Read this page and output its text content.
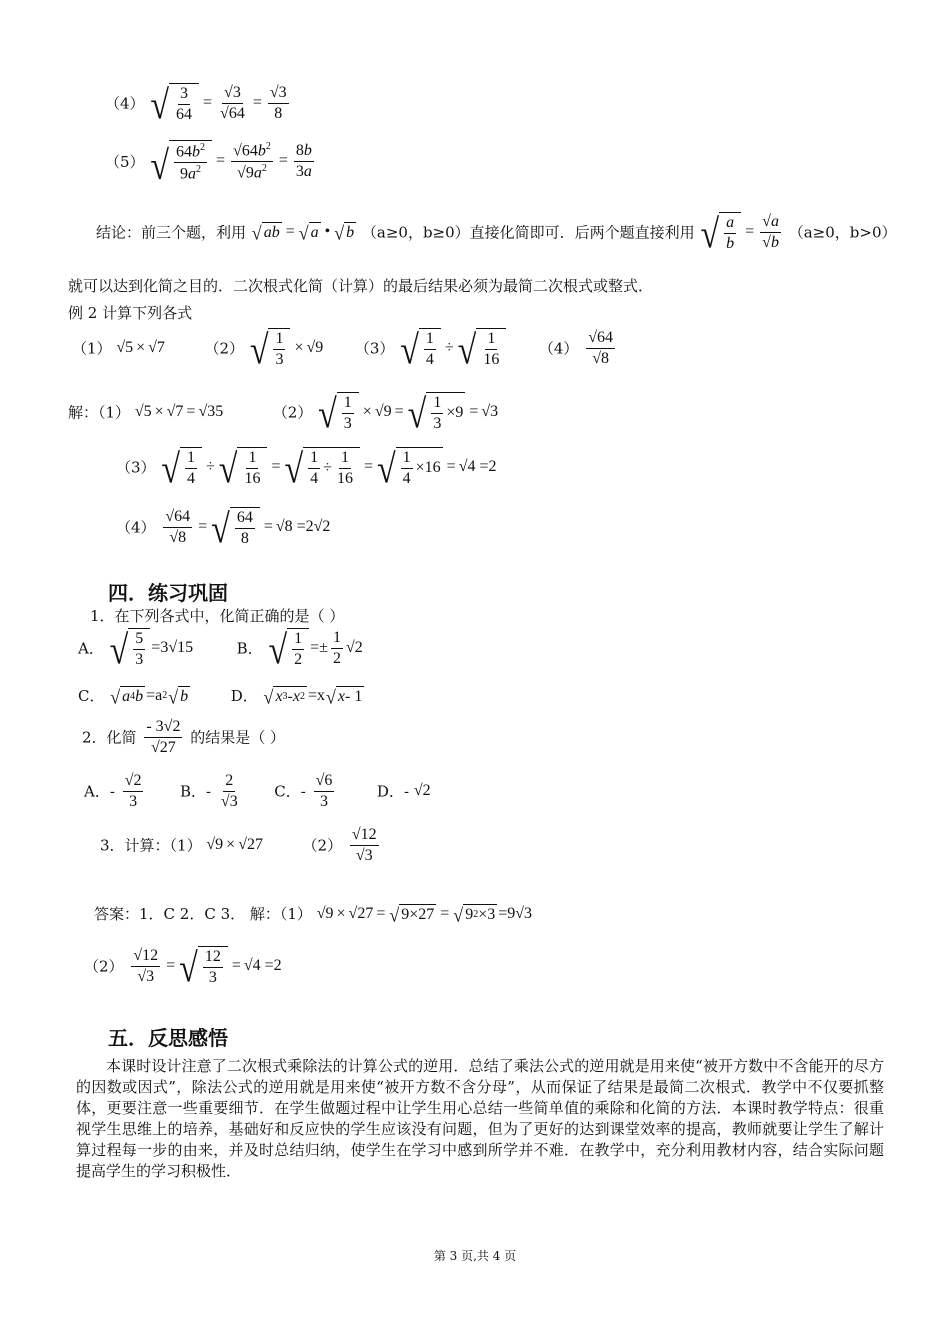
（4） √ $\frac{3}{64} = \frac{√3}{√64} = \frac{√3}{8}$
（5） √ $\frac{64b^2}{9a^2} = \frac{√64b^2}{√9a^2} = \frac{8b}{3a}$
结论：前三个题，利用 √ ab = √ a • √ b （a≥0，b≥0）直接化简即可．后两个题直接利用 √ $\frac{a}{b} = \frac{√a}{√b} (a\ge 0$，b>0）
就可以达到化简之目的．二次根式化简（计算）的最后结果必须为最简二次根式或整式．
例 2 计算下列各式
（1） √5 × √7	（2） √ $\frac{1}{3} \times √9$  （3） √ $\frac{1}{4}$ ÷ √ $\frac{1}{16}$	$(4) \frac{√64}{√8}$
解：（1） √5 × √7 = √35	（2） √ $\frac{1}{3} \times √9$ = √ $\frac{1}{3} \times 9 = √3$
（3） √ $\frac{1}{4}$ ÷ √ $\frac{1}{16}$ = √ $\frac{1}{4} \div \frac{1}{16}$ = √ $\frac{1}{4} \times 16 = √4 =2$
$(4) \frac{√64}{√8}$ = √ $\frac{64}{8} = √8 =2√2$
四．练习巩固
1．在下列各式中，化简正确的是（ ）
A． √ $\frac{5}{3} =3√15$	B． √ $\frac{1}{2} =\pm \frac{1}{2} √2$
C． √ a 4 b =a 2 √ b	D． √ x 3 - x 2 =x √ x - 1
2．化简 $\frac{- 3√2}{√27}$ 的结果是（ ）
A．- $\frac{√2}{3}$ B．- $\frac{2}{√3}$ C．- $\frac{√6}{3}$	D．- √2
3．计算：（1） √9 × √27	$(2) \frac{√12}{√3}$
答案：1．C 2．C 3． 解：（1） √9 × √27 = √ 9×27 = √ 9 2 ×3 =9√3
$(2) \frac{√12}{√3}$ = √ $\frac{12}{3} = √4 =2$
五．反思感悟
本课时设计注意了二次根式乘除法的计算公式的逆用．总结了乘法公式的逆用就是用来使“被开方数中不含能开的尽方的因数或因式”，除法公式的逆用就是用来使“被开方数不含分母”，从而保证了结果是最简二次根式．教学中不仅要抓整体，更要注意一些重要细节．在学生做题过程中让学生用心总结一些简单值的乘除和化简的方法．本课时教学特点：很重视学生思维上的培养，基础好和反应快的学生应该没有问题，但为了更好的达到课堂效率的提高，教师就要让学生了解计算过程每一步的由来，并及时总结归纳，使学生在学习中感到所学并不难．在教学中，充分利用教材内容，结合实际问题提高学生的学习积极性．
第 3 页,共 4 页
